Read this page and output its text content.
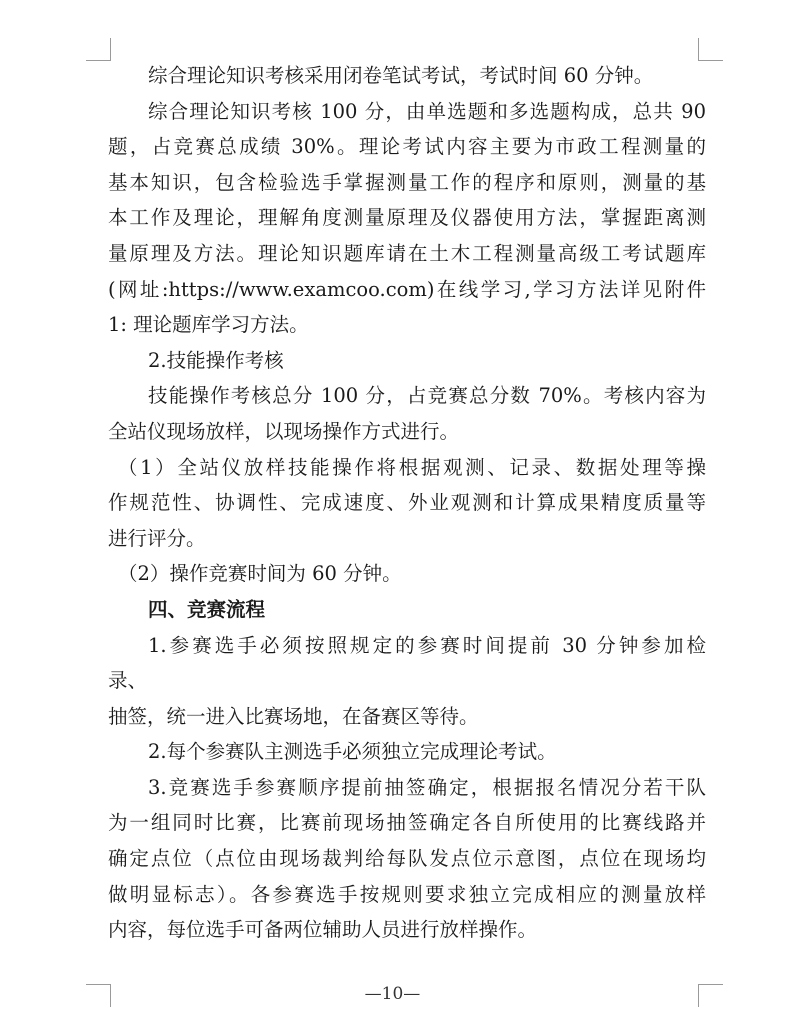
综合理论知识考核采用闭卷笔试考试，考试时间 60 分钟。
综合理论知识考核 100 分，由单选题和多选题构成，总共 90
题，占竞赛总成绩 30%。理论考试内容主要为市政工程测量的
基本知识，包含检验选手掌握测量工作的程序和原则，测量的基
本工作及理论，理解角度测量原理及仪器使用方法，掌握距离测
量原理及方法。理论知识题库请在土木工程测量高级工考试题库
(网址:https://www.examcoo.com)在线学习,学习方法详见附件
1: 理论题库学习方法。
2.技能操作考核
技能操作考核总分 100 分，占竞赛总分数 70%。考核内容为
全站仪现场放样，以现场操作方式进行。
（1）全站仪放样技能操作将根据观测、记录、数据处理等操
作规范性、协调性、完成速度、外业观测和计算成果精度质量等
进行评分。
（2）操作竞赛时间为 60 分钟。
四、竞赛流程
1.参赛选手必须按照规定的参赛时间提前 30 分钟参加检
录、
抽签，统一进入比赛场地，在备赛区等待。
2.每个参赛队主测选手必须独立完成理论考试。
3.竞赛选手参赛顺序提前抽签确定，根据报名情况分若干队
为一组同时比赛，比赛前现场抽签确定各自所使用的比赛线路并
确定点位（点位由现场裁判给每队发点位示意图，点位在现场均
做明显标志）。各参赛选手按规则要求独立完成相应的测量放样
内容，每位选手可备两位辅助人员进行放样操作。
—10—
